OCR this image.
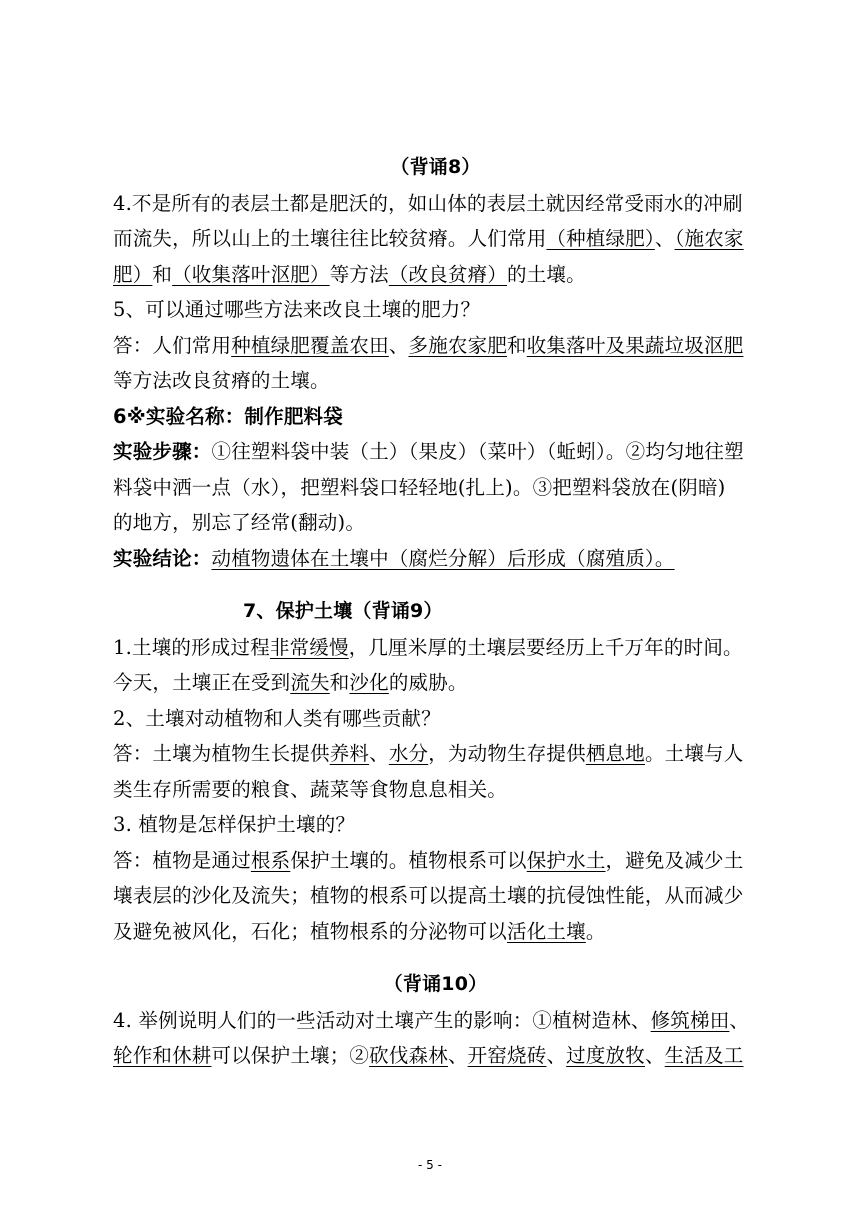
（背诵8）
4.不是所有的表层土都是肥沃的，如山体的表层土就因经常受雨水的冲刷
而流失，所以山上的土壤往往比较贫瘠。人们常用（种植绿肥）、（施农家
肥）和（收集落叶沤肥）等方法（改良贫瘠）的土壤。
5、可以通过哪些方法来改良土壤的肥力？
答：人们常用种植绿肥覆盖农田、多施农家肥和收集落叶及果蔬垃圾沤肥
等方法改良贫瘠的土壤。
6※实验名称：制作肥料袋
实验步骤：①往塑料袋中装（土）（果皮）（菜叶）（蚯蚓）。②均匀地往塑
料袋中洒一点（水），把塑料袋口轻轻地(扎上)。③把塑料袋放在(阴暗)
的地方，别忘了经常(翻动)。
实验结论：动植物遗体在土壤中（腐烂分解）后形成（腐殖质）。
7、保护土壤（背诵9）
1.土壤的形成过程非常缓慢，几厘米厚的土壤层要经历上千万年的时间。
今天，土壤正在受到流失和沙化的威胁。
2、土壤对动植物和人类有哪些贡献？
答：土壤为植物生长提供养料、水分，为动物生存提供栖息地。土壤与人
类生存所需要的粮食、蔬菜等食物息息相关。
3. 植物是怎样保护土壤的？
答：植物是通过根系保护土壤的。植物根系可以保护水土，避免及减少土
壤表层的沙化及流失；植物的根系可以提高土壤的抗侵蚀性能，从而减少
及避免被风化，石化；植物根系的分泌物可以活化土壤。
（背诵10）
4. 举例说明人们的一些活动对土壤产生的影响：①植树造林、修筑梯田、
轮作和休耕可以保护土壤；②砍伐森林、开窑烧砖、过度放牧、生活及工
- 5 -
